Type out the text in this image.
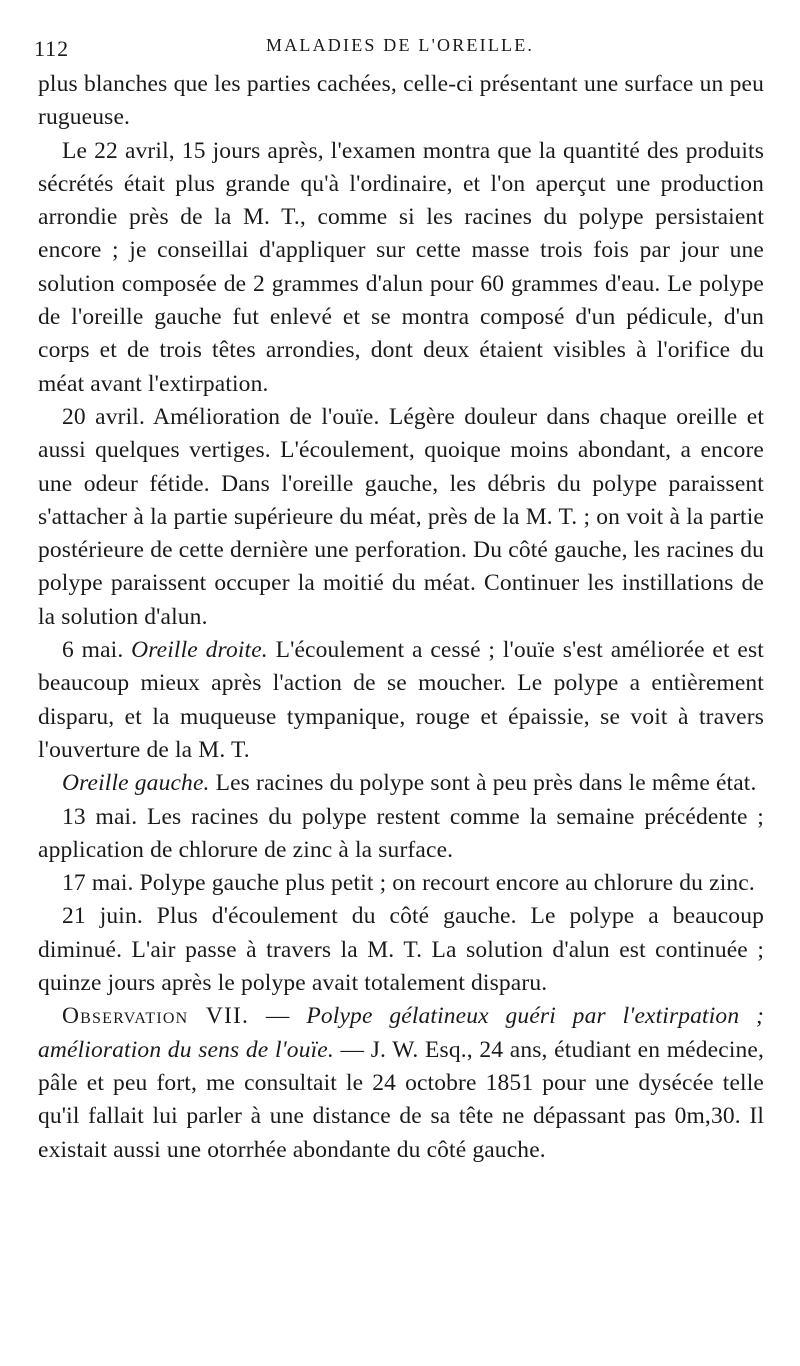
112	MALADIES DE L'OREILLE.

plus blanches que les parties cachées, celle-ci présentant une surface un peu rugueuse.

Le 22 avril, 15 jours après, l'examen montra que la quantité des produits sécrétés était plus grande qu'à l'ordinaire, et l'on aperçut une production arrondie près de la M. T., comme si les racines du polype persistaient encore ; je conseillai d'appliquer sur cette masse trois fois par jour une solution composée de 2 grammes d'alun pour 60 grammes d'eau. Le polype de l'oreille gauche fut enlevé et se montra composé d'un pédicule, d'un corps et de trois têtes arrondies, dont deux étaient visibles à l'orifice du méat avant l'extirpation.

20 avril. Amélioration de l'ouïe. Légère douleur dans chaque oreille et aussi quelques vertiges. L'écoulement, quoique moins abondant, a encore une odeur fétide. Dans l'oreille gauche, les débris du polype paraissent s'attacher à la partie supérieure du méat, près de la M. T. ; on voit à la partie postérieure de cette dernière une perforation. Du côté gauche, les racines du polype paraissent occuper la moitié du méat. Continuer les instillations de la solution d'alun.

6 mai. Oreille droite. L'écoulement a cessé ; l'ouïe s'est améliorée et est beaucoup mieux après l'action de se moucher. Le polype a entièrement disparu, et la muqueuse tympanique, rouge et épaissie, se voit à travers l'ouverture de la M. T.

Oreille gauche. Les racines du polype sont à peu près dans le même état.

13 mai. Les racines du polype restent comme la semaine précédente ; application de chlorure de zinc à la surface.

17 mai. Polype gauche plus petit ; on recourt encore au chlorure du zinc.

21 juin. Plus d'écoulement du côté gauche. Le polype a beaucoup diminué. L'air passe à travers la M. T. La solution d'alun est continuée ; quinze jours après le polype avait totalement disparu.

Observation VII. — Polype gélatineux guéri par l'extirpation ; amélioration du sens de l'ouïe. — J. W. Esq., 24 ans, étudiant en médecine, pâle et peu fort, me consultait le 24 octobre 1851 pour une dysécée telle qu'il fallait lui parler à une distance de sa tête ne dépassant pas 0m,30. Il existait aussi une otorrhée abondante du côté gauche.
